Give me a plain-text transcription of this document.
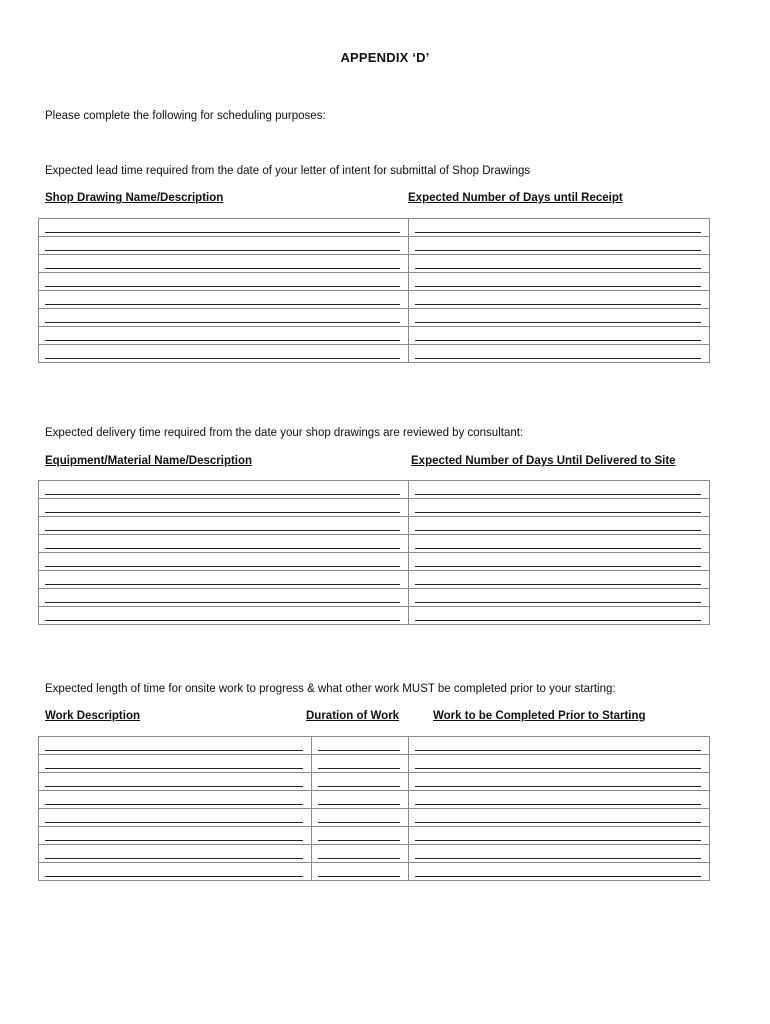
APPENDIX ‘D’
Please complete the following for scheduling purposes:
Expected lead time required from the date of your letter of intent for submittal of Shop Drawings
Shop Drawing Name/Description	Expected Number of Days until Receipt

Expected delivery time required from the date your shop drawings are reviewed by consultant:
Equipment/Material Name/Description	Expected Number of Days Until Delivered to Site

Expected length of time for onsite work to progress & what other work MUST be completed prior to your starting:
Work Description	Duration of Work	Work to be Completed Prior to Starting
